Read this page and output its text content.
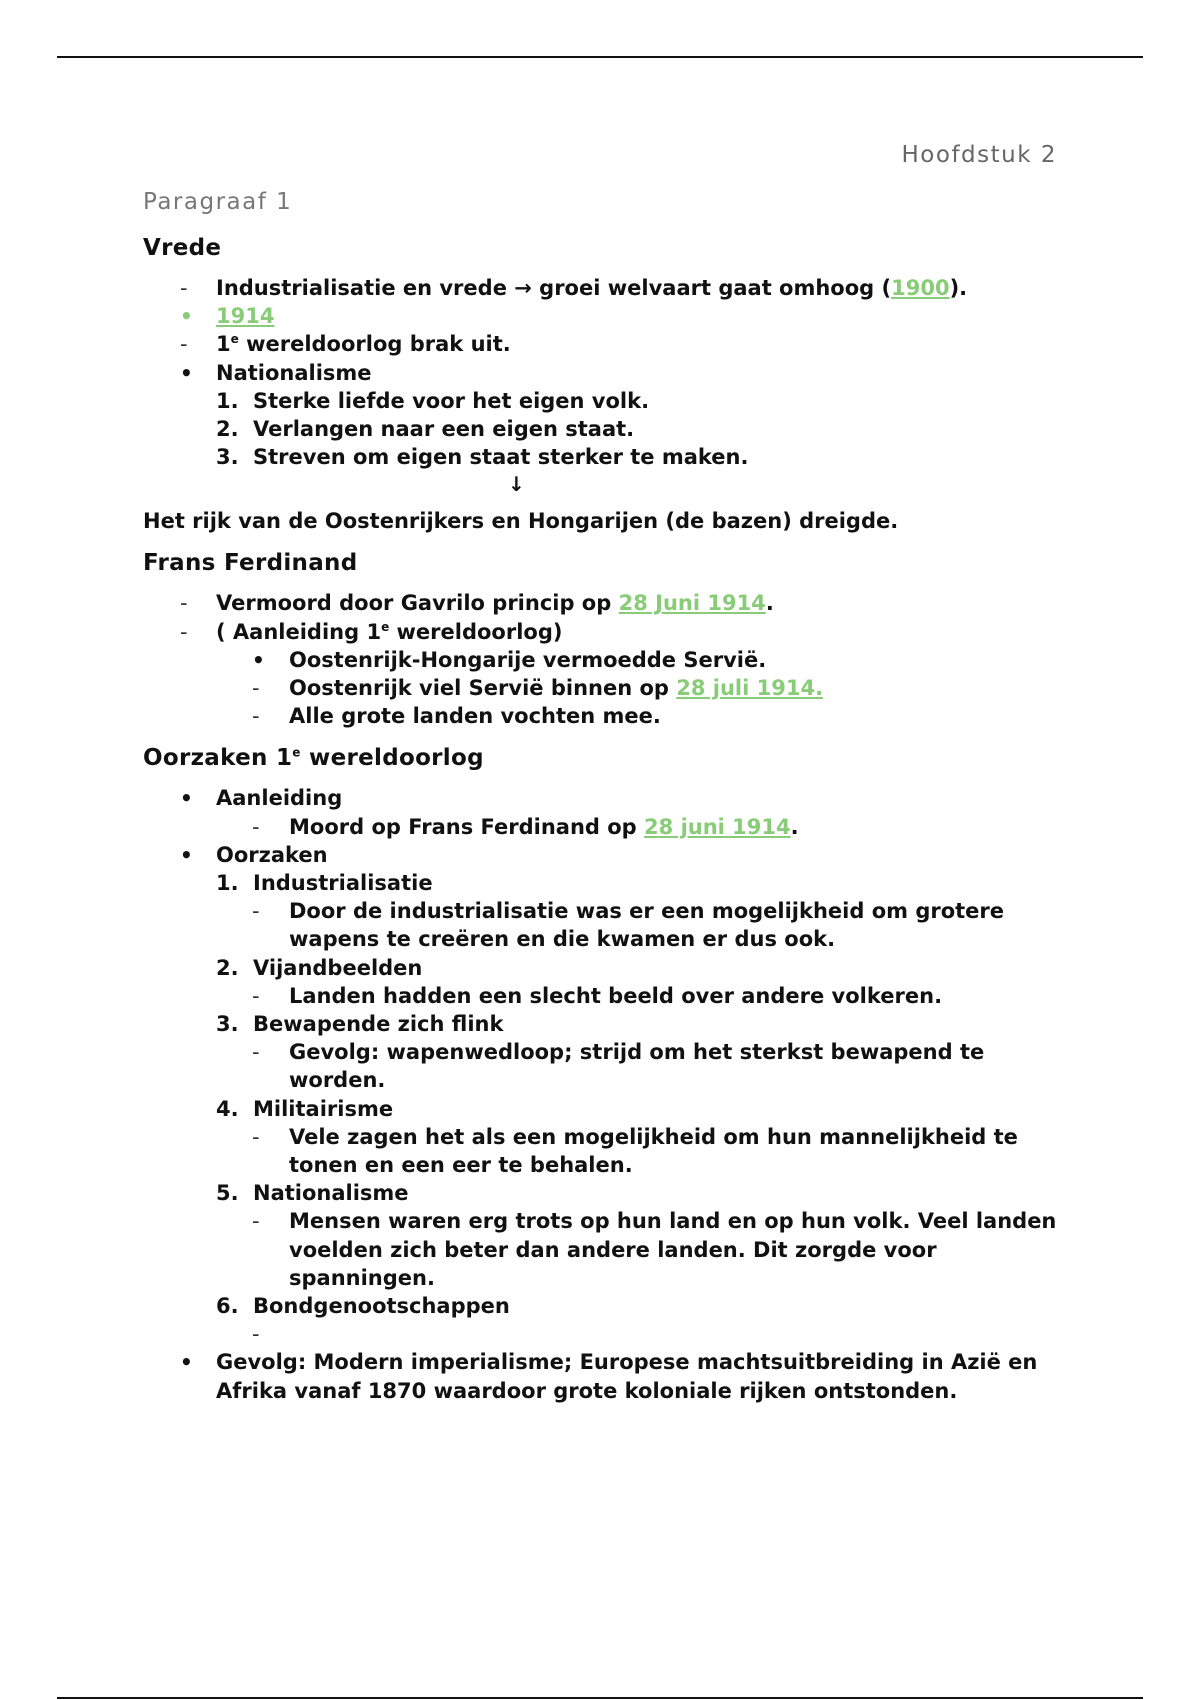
Hoofdstuk 2
Paragraaf 1
Vrede
- Industrialisatie en vrede → groei welvaart gaat omhoog (1900).
• 1914
- 1e wereldoorlog brak uit.
• Nationalisme
1. Sterke liefde voor het eigen volk.
2. Verlangen naar een eigen staat.
3. Streven om eigen staat sterker te maken.
↓
Het rijk van de Oostenrijkers en Hongarijen (de bazen) dreigde.
Frans Ferdinand
- Vermoord door Gavrilo princip op 28 Juni 1914.
- ( Aanleiding 1e wereldoorlog)
• Oostenrijk-Hongarije vermoedde Servië.
- Oostenrijk viel Servië binnen op 28 juli 1914.
- Alle grote landen vochten mee.
Oorzaken 1e wereldoorlog
• Aanleiding
- Moord op Frans Ferdinand op 28 juni 1914.
• Oorzaken
1. Industrialisatie
- Door de industrialisatie was er een mogelijkheid om grotere wapens te creëren en die kwamen er dus ook.
2. Vijandbeelden
- Landen hadden een slecht beeld over andere volkeren.
3. Bewapende zich flink
- Gevolg: wapenwedloop; strijd om het sterkst bewapend te worden.
4. Militairisme
- Vele zagen het als een mogelijkheid om hun mannelijkheid te tonen en een eer te behalen.
5. Nationalisme
- Mensen waren erg trots op hun land en op hun volk. Veel landen voelden zich beter dan andere landen. Dit zorgde voor spanningen.
6. Bondgenootschappen
-
• Gevolg: Modern imperialisme; Europese machtsuitbreiding in Azië en Afrika vanaf 1870 waardoor grote koloniale rijken ontstonden.
